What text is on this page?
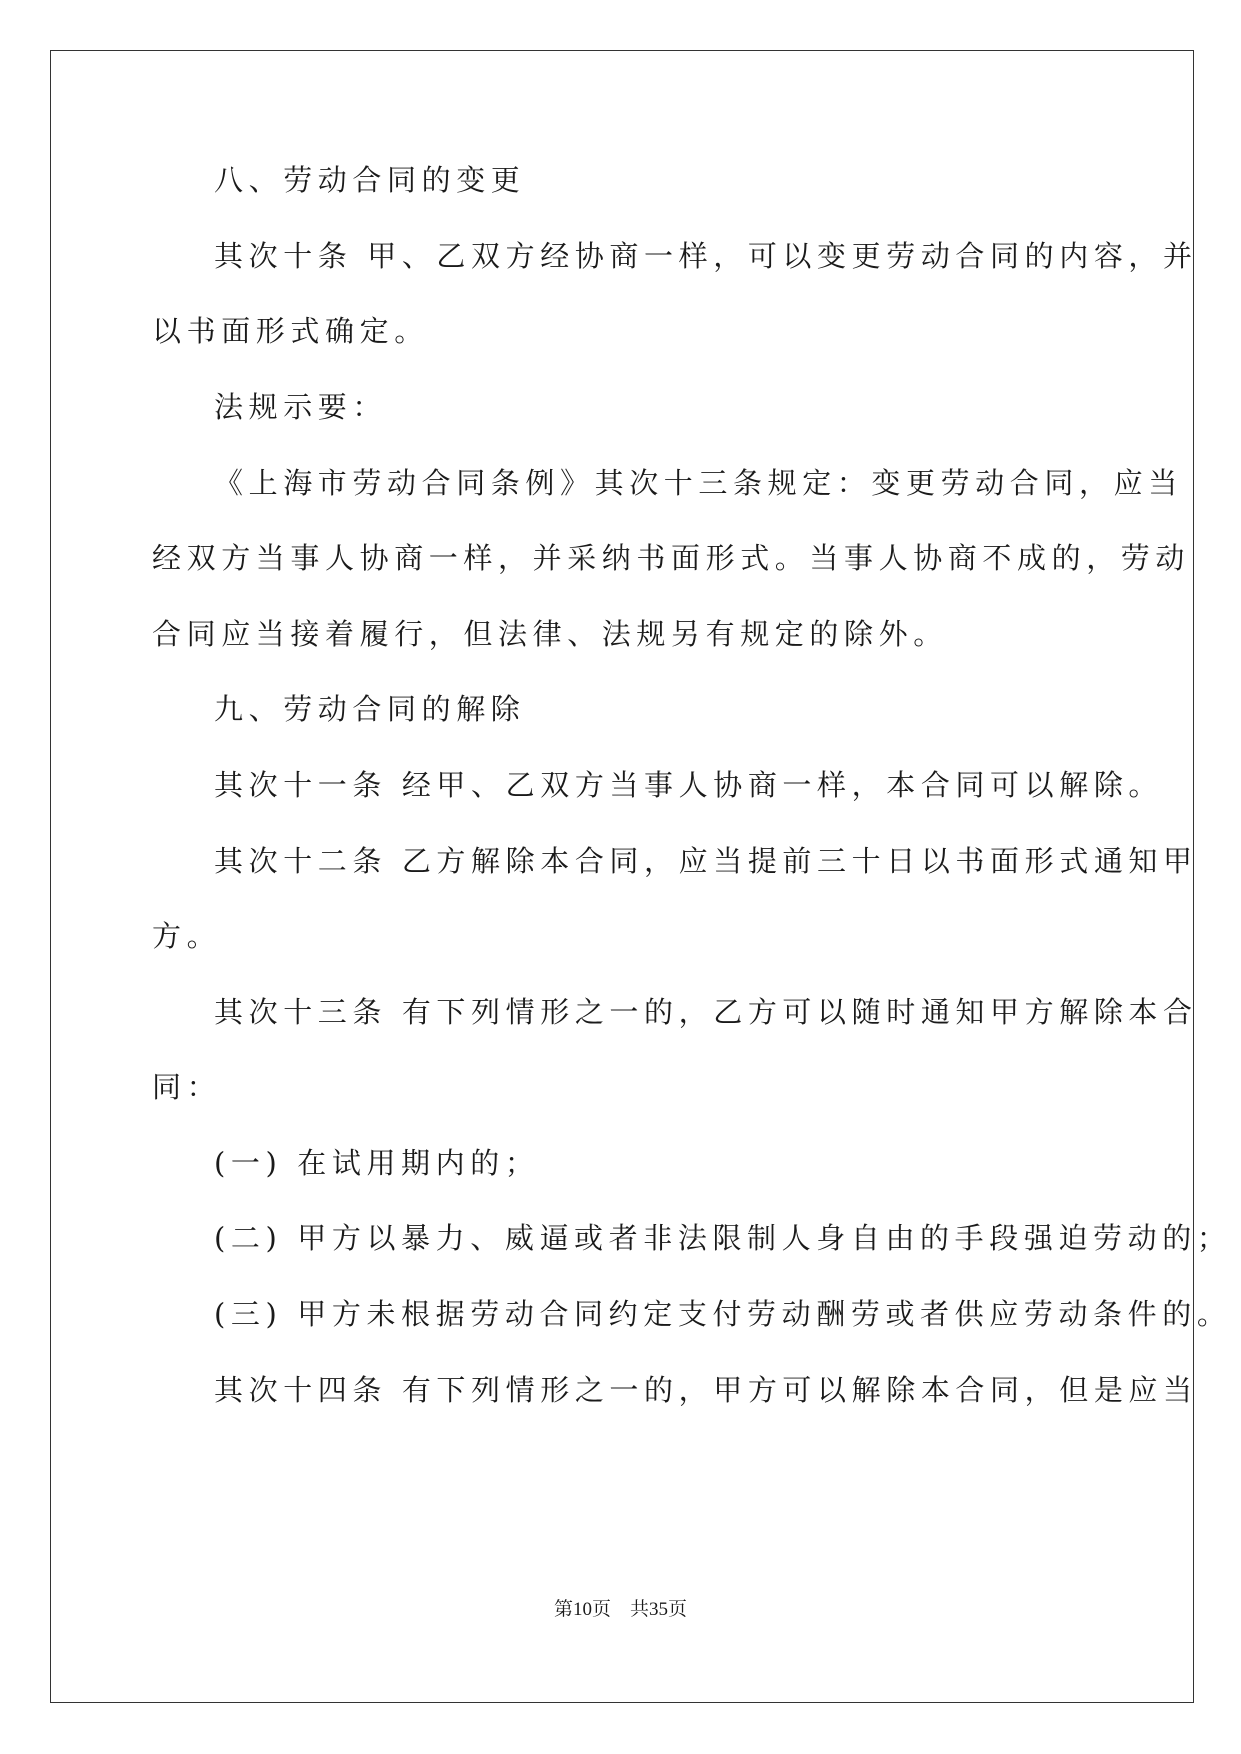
八、劳动合同的变更
其次十条 甲、乙双方经协商一样，可以变更劳动合同的内容，并
以书面形式确定。
法规示要：
《上海市劳动合同条例》其次十三条规定：变更劳动合同，应当
经双方当事人协商一样，并采纳书面形式。当事人协商不成的，劳动
合同应当接着履行，但法律、法规另有规定的除外。
九、劳动合同的解除
其次十一条 经甲、乙双方当事人协商一样，本合同可以解除。
其次十二条 乙方解除本合同，应当提前三十日以书面形式通知甲
方。
其次十三条 有下列情形之一的，乙方可以随时通知甲方解除本合
同：
(一) 在试用期内的；
(二) 甲方以暴力、威逼或者非法限制人身自由的手段强迫劳动的；
(三) 甲方未根据劳动合同约定支付劳动酬劳或者供应劳动条件的。
其次十四条 有下列情形之一的，甲方可以解除本合同，但是应当
第10页　共35页
